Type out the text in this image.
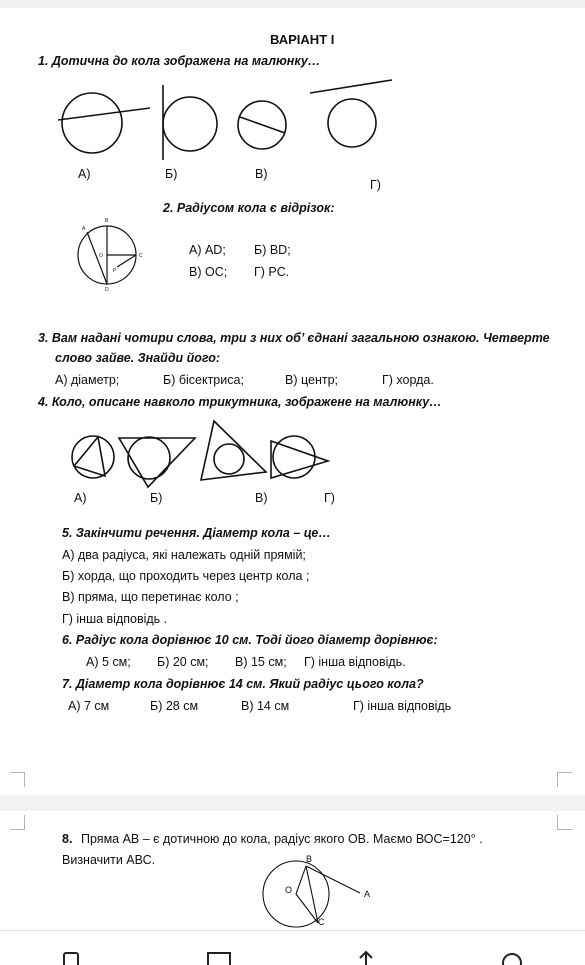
ВАРІАНТ І
1. Дотична до кола зображена на малюнку…
А)	Б)	В)
Г)
2. Радіусом кола є відрізок:
A
B
O	C
P
D
А) AD; Б) BD;
В) OC; Г) PC.
3. Вам надані чотири слова, три з них об’ єднані загальною ознакою. Четверте
слово зайве. Знайди його:
А) діаметр;	Б) бісектриса;	В) центр;	Г) хорда.
4. Коло, описане навколо трикутника, зображене на малюнку…
А)	Б)	В)	Г)
5. Закінчити речення. Діаметр кола – це…
А) два радіуса, які належать одній прямій;
Б) хорда, що проходить через центр кола ;
В) пряма, що перетинає коло ;
Г) інша відповідь .
6. Радіус кола дорівнює 10 см. Тоді його діаметр дорівнює:
А) 5 см; Б) 20 см; В) 15 см; Г) інша відповідь.
7. Діаметр кола дорівнює 14 см. Який радіус цього кола?
А) 7 см	Б) 28 см	В) 14 см	Г) інша відповідь
8. Пряма АВ – є дотичною до кола, радіус якого ОВ. Маємо ВОС=120° .
Визначити АВС.	B
O	A
C
